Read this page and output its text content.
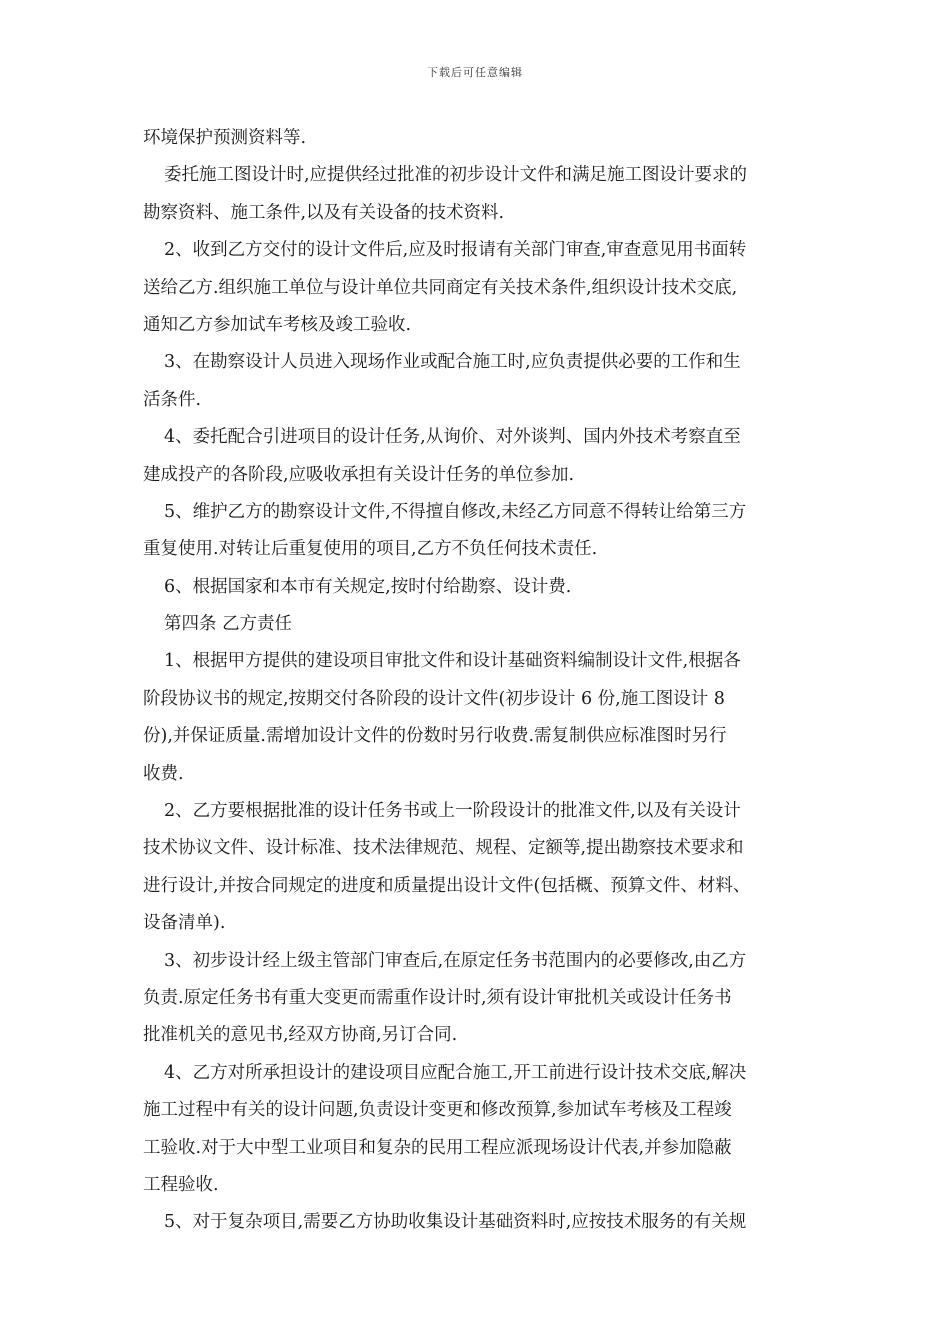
下载后可任意编辑
环境保护预测资料等.
委托施工图设计时,应提供经过批准的初步设计文件和满足施工图设计要求的
勘察资料、施工条件,以及有关设备的技术资料.
2、收到乙方交付的设计文件后,应及时报请有关部门审查,审查意见用书面转
送给乙方.组织施工单位与设计单位共同商定有关技术条件,组织设计技术交底,
通知乙方参加试车考核及竣工验收.
3、在勘察设计人员进入现场作业或配合施工时,应负责提供必要的工作和生
活条件.
4、委托配合引进项目的设计任务,从询价、对外谈判、国内外技术考察直至
建成投产的各阶段,应吸收承担有关设计任务的单位参加.
5、维护乙方的勘察设计文件,不得擅自修改,未经乙方同意不得转让给第三方
重复使用.对转让后重复使用的项目,乙方不负任何技术责任.
6、根据国家和本市有关规定,按时付给勘察、设计费.
第四条 乙方责任
1、根据甲方提供的建设项目审批文件和设计基础资料编制设计文件,根据各
阶段协议书的规定,按期交付各阶段的设计文件(初步设计 6 份,施工图设计 8
份),并保证质量.需增加设计文件的份数时另行收费.需复制供应标准图时另行
收费.
2、乙方要根据批准的设计任务书或上一阶段设计的批准文件,以及有关设计
技术协议文件、设计标准、技术法律规范、规程、定额等,提出勘察技术要求和
进行设计,并按合同规定的进度和质量提出设计文件(包括概、预算文件、材料、
设备清单).
3、初步设计经上级主管部门审查后,在原定任务书范围内的必要修改,由乙方
负责.原定任务书有重大变更而需重作设计时,须有设计审批机关或设计任务书
批准机关的意见书,经双方协商,另订合同.
4、乙方对所承担设计的建设项目应配合施工,开工前进行设计技术交底,解决
施工过程中有关的设计问题,负责设计变更和修改预算,参加试车考核及工程竣
工验收.对于大中型工业项目和复杂的民用工程应派现场设计代表,并参加隐蔽
工程验收.
5、对于复杂项目,需要乙方协助收集设计基础资料时,应按技术服务的有关规
